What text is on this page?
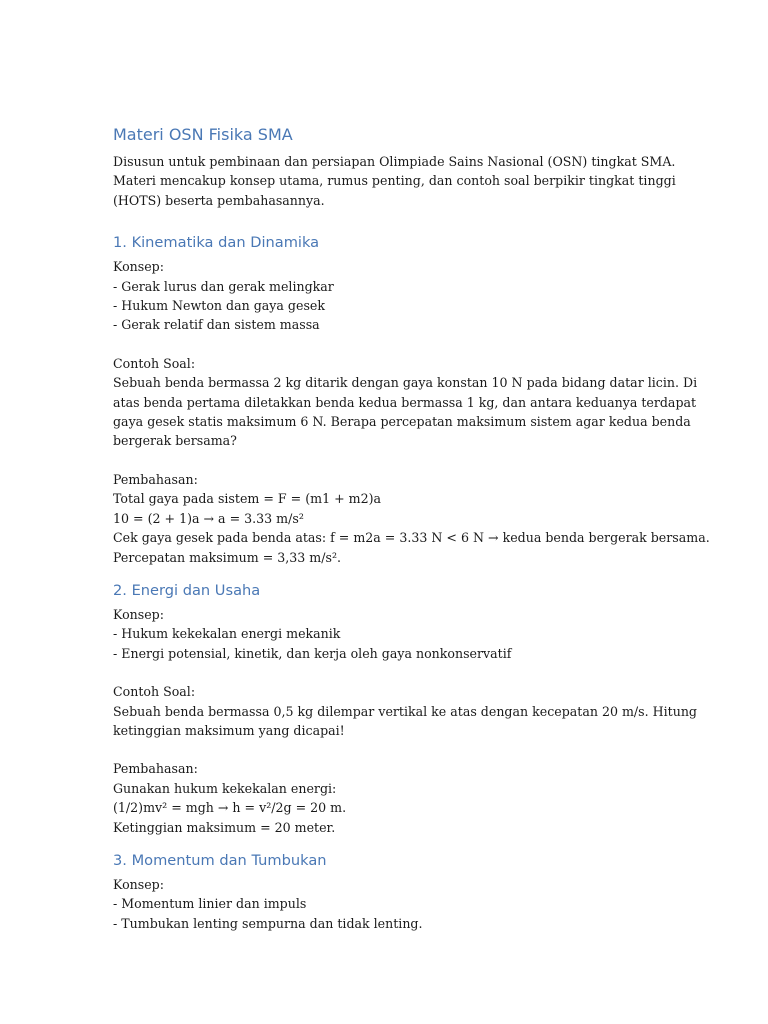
Materi OSN Fisika SMA

Disusun untuk pembinaan dan persiapan Olimpiade Sains Nasional (OSN) tingkat SMA.
Materi mencakup konsep utama, rumus penting, dan contoh soal berpikir tingkat tinggi
(HOTS) beserta pembahasannya.

1. Kinematika dan Dinamika

Konsep:
- Gerak lurus dan gerak melingkar
- Hukum Newton dan gaya gesek
- Gerak relatif dan sistem massa

Contoh Soal:
Sebuah benda bermassa 2 kg ditarik dengan gaya konstan 10 N pada bidang datar licin. Di
atas benda pertama diletakkan benda kedua bermassa 1 kg, dan antara keduanya terdapat
gaya gesek statis maksimum 6 N. Berapa percepatan maksimum sistem agar kedua benda
bergerak bersama?

Pembahasan:
Total gaya pada sistem = F = (m1 + m2)a
10 = (2 + 1)a → a = 3.33 m/s²
Cek gaya gesek pada benda atas: f = m2a = 3.33 N < 6 N → kedua benda bergerak bersama.
Percepatan maksimum = 3,33 m/s².

2. Energi dan Usaha

Konsep:
- Hukum kekekalan energi mekanik
- Energi potensial, kinetik, dan kerja oleh gaya nonkonservatif

Contoh Soal:
Sebuah benda bermassa 0,5 kg dilempar vertikal ke atas dengan kecepatan 20 m/s. Hitung
ketinggian maksimum yang dicapai!

Pembahasan:
Gunakan hukum kekekalan energi:
(1/2)mv² = mgh → h = v²/2g = 20 m.
Ketinggian maksimum = 20 meter.

3. Momentum dan Tumbukan

Konsep:
- Momentum linier dan impuls
- Tumbukan lenting sempurna dan tidak lenting.
